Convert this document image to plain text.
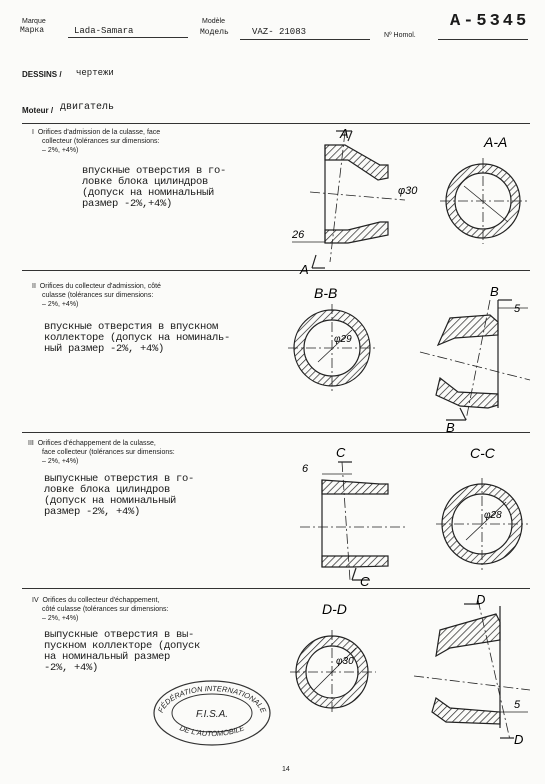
Marque
Марка	Lada-Samara
Modèle
Модель	VAZ- 21083	Nº Homol.
A-5345
DESSINS / чертежи
Moteur / двигатель
I Orifices d'admission de la culasse, face
collecteur (tolérances sur dimensions:
– 2%, +4%)
впускные отверстия в го-
ловке блока цилиндров
(допуск на номинальный
размер -2%,+4%)
II Orifices du collecteur d'admission, côté
culasse (tolérances sur dimensions:
– 2%, +4%)
впускные отверстия в впускном
коллекторе (допуск на номиналь-
ный размер -2%, +4%)
III Orifices d'échappement de la culasse,
face collecteur (tolérances sur dimensions:
– 2%, +4%)
выпускные отверстия в го-
ловке блока цилиндров
(допуск на номинальный
размер -2%, +4%)
IV Orifices du collecteur d'échappement,
côté culasse (tolérances sur dimensions:
– 2%, +4%)
выпускные отверстия в вы-
пускном коллекторе (допуск
на номинальный размер
-2%, +4%)
A
A
A-A
φ30
26
B-B	B
B
φ29
5
C
C
C-C
φ28
6
D-D
D
D
φ30
5
FÉDÉRATION INTERNATIONALE
DE L'AUTOMOBILE
F.I.S.A.
14
